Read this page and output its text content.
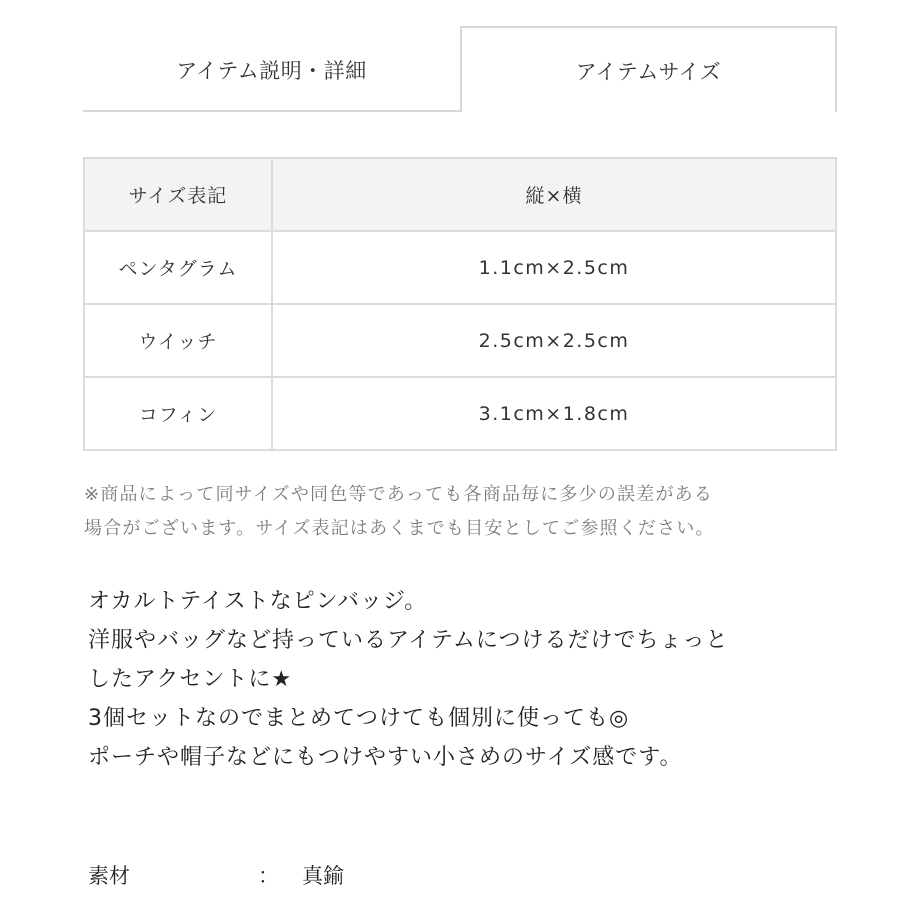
アイテム説明・詳細	アイテムサイズ
サイズ表記	縦×横
ペンタグラム	1.1cm×2.5cm
ウイッチ	2.5cm×2.5cm
コフィン	3.1cm×1.8cm
※商品によって同サイズや同色等であっても各商品毎に多少の誤差がある
場合がございます。サイズ表記はあくまでも目安としてご参照ください。
オカルトテイストなピンバッジ。
洋服やバッグなど持っているアイテムにつけるだけでちょっと
したアクセントに★
3個セットなのでまとめてつけても個別に使っても◎
ポーチや帽子などにもつけやすい小さめのサイズ感です。
素材	： 真鍮
